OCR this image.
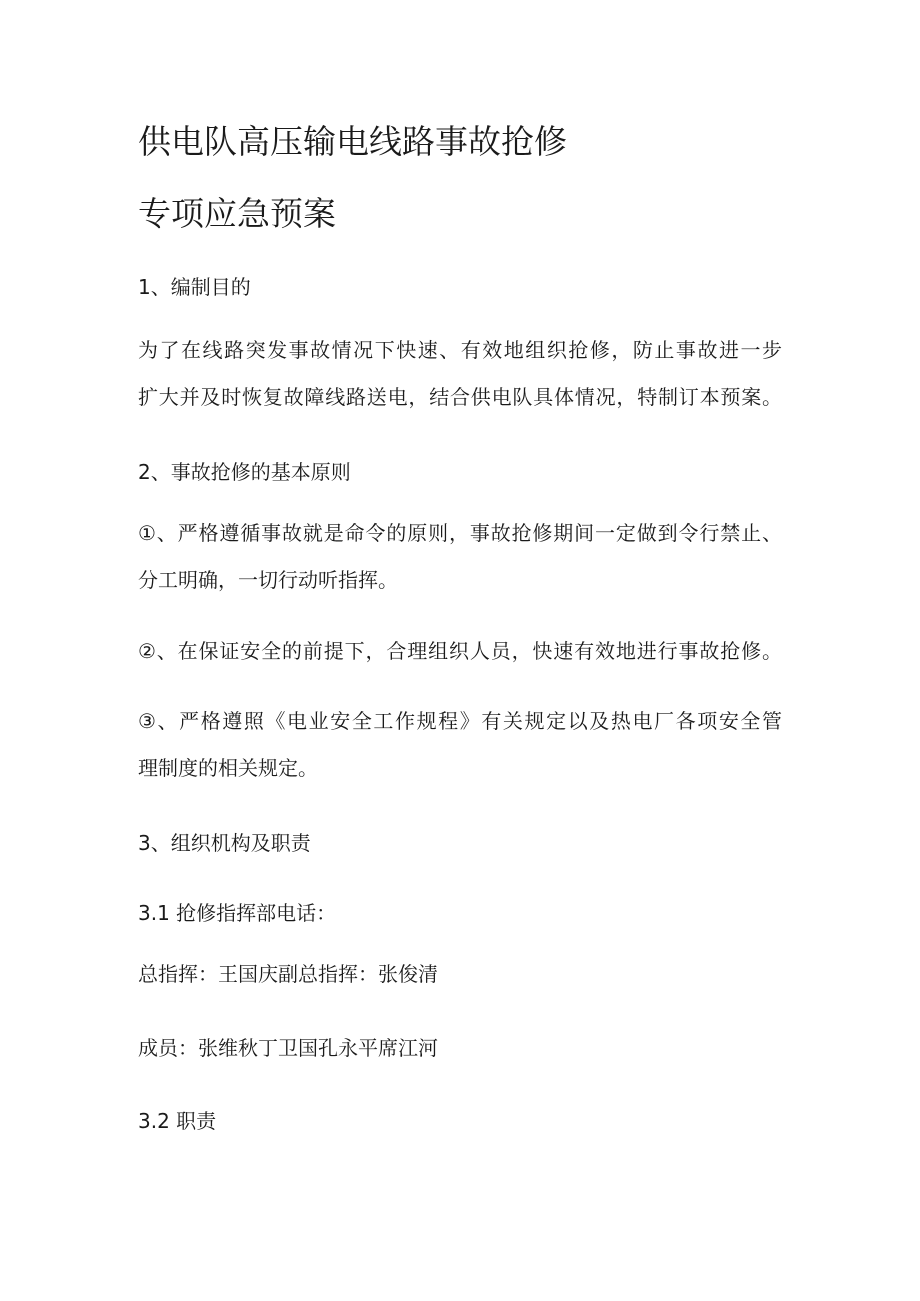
供电队高压输电线路事故抢修
专项应急预案
1、编制目的
为了在线路突发事故情况下快速、有效地组织抢修，防止事故进一步
扩大并及时恢复故障线路送电，结合供电队具体情况，特制订本预案。
2、事故抢修的基本原则
①、严格遵循事故就是命令的原则，事故抢修期间一定做到令行禁止、
分工明确，一切行动听指挥。
②、在保证安全的前提下，合理组织人员，快速有效地进行事故抢修。
③、严格遵照《电业安全工作规程》有关规定以及热电厂各项安全管
理制度的相关规定。
3、组织机构及职责
3.1 抢修指挥部电话：
总指挥：王国庆副总指挥：张俊清
成员：张维秋丁卫国孔永平席江河
3.2 职责
